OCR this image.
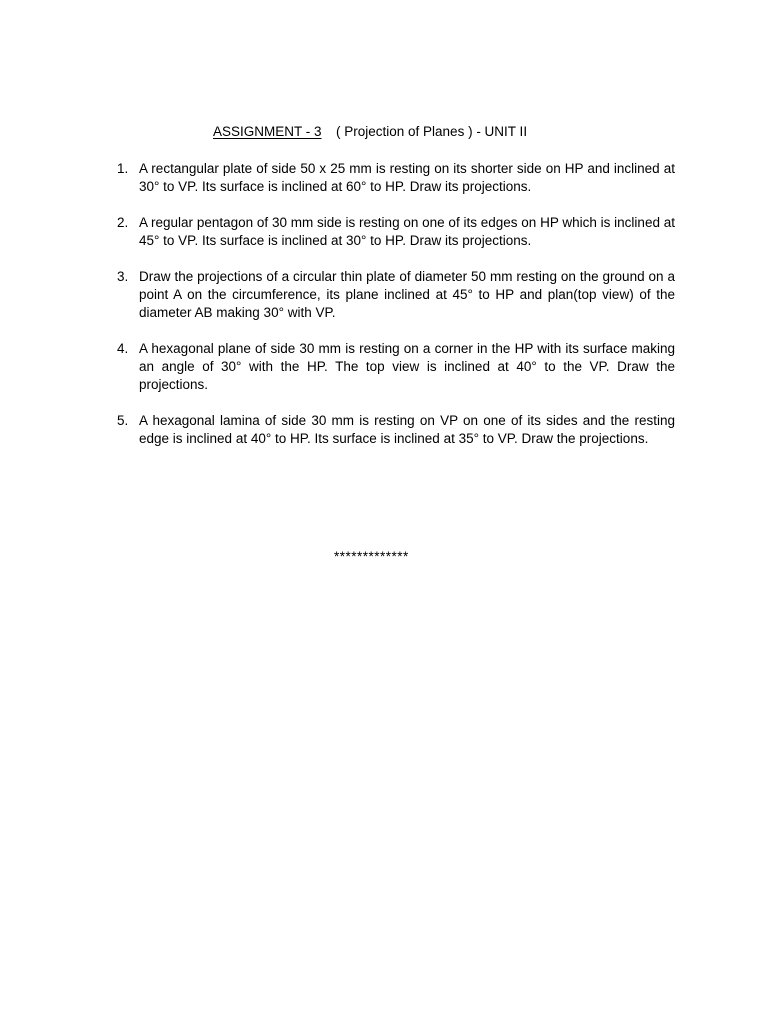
ASSIGNMENT - 3 ( Projection of Planes ) - UNIT II
1. A rectangular plate of side 50 x 25 mm is resting on its shorter side on HP and inclined at 30° to VP. Its surface is inclined at 60° to HP. Draw its projections.
2. A regular pentagon of 30 mm side is resting on one of its edges on HP which is inclined at 45° to VP. Its surface is inclined at 30° to HP. Draw its projections.
3. Draw the projections of a circular thin plate of diameter 50 mm resting on the ground on a point A on the circumference, its plane inclined at 45° to HP and plan(top view) of the diameter AB making 30° with VP.
4. A hexagonal plane of side 30 mm is resting on a corner in the HP with its surface making an angle of 30° with the HP. The top view is inclined at 40° to the VP. Draw the projections.
5. A hexagonal lamina of side 30 mm is resting on VP on one of its sides and the resting edge is inclined at 40° to HP. Its surface is inclined at 35° to VP. Draw the projections.
*************
